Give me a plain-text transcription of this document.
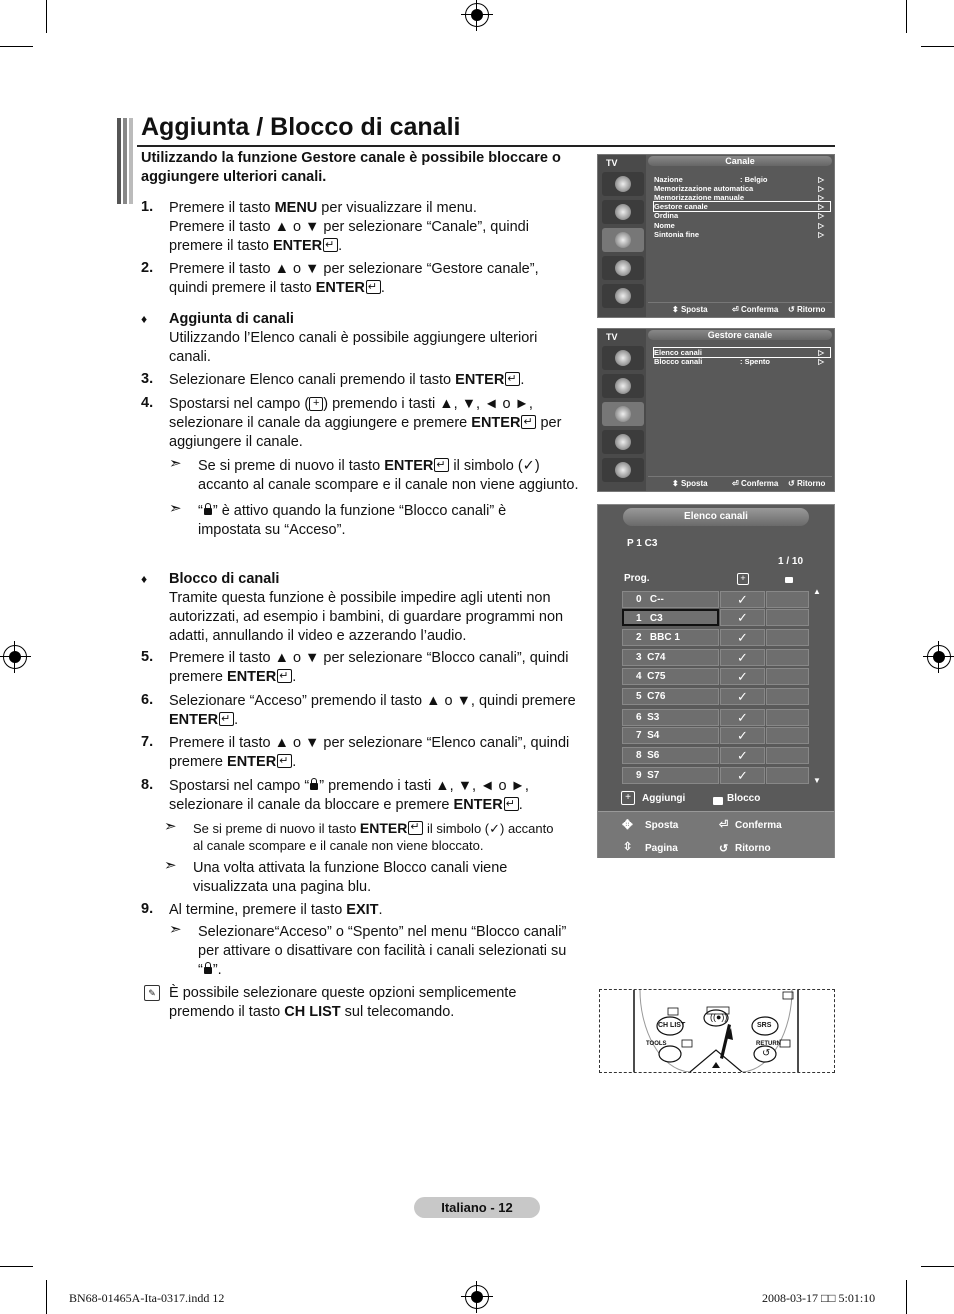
Aggiunta / Blocco di canali
Utilizzando la funzione Gestore canale è possibile bloccare o aggiungere ulteriori canali.
1. Premere il tasto MENU per visualizzare il menu.
Premere il tasto ▲ o ▼ per selezionare “Canale”, quindi
premere il tasto ENTER ↵ .
2. Premere il tasto ▲ o ▼ per selezionare “Gestore canale”,
quindi premere il tasto ENTER ↵ .
♦ Aggiunta di canali
Utilizzando l’Elenco canali è possibile aggiungere ulteriori canali.
3. Selezionare Elenco canali premendo il tasto ENTER ↵ .
4. Spostarsi nel campo ( + ) premendo i tasti ▲, ▼, ◄ o ►,
selezionare il canale da aggiungere e premere ENTER↵ per
aggiungere il canale.
➣ Se si preme di nuovo il tasto ENTER↵ il simbolo (✓)
accanto al canale scompare e il canale non viene aggiunto.
➣ “ ” è attivo quando la funzione “Blocco canali” è
impostata su “Acceso”.
♦ Blocco di canali
Tramite questa funzione è possibile impedire agli utenti non
autorizzati, ad esempio i bambini, di guardare programmi non
adatti, annullando il video e azzerando l’audio.
5. Premere il tasto ▲ o ▼ per selezionare “Blocco canali”, quindi
premere ENTER ↵ .
6. Selezionare “Acceso” premendo il tasto ▲ o ▼, quindi premere
ENTER ↵ .
7. Premere il tasto ▲ o ▼ per selezionare “Elenco canali”, quindi
premere ENTER ↵ .
8. Spostarsi nel campo “ ” premendo i tasti ▲, ▼, ◄ o ►,
selezionare il canale da bloccare e premere ENTER ↵ .
➣ Se si preme di nuovo il tasto ENTER↵ il simbolo (✓) accanto
al canale scompare e il canale non viene bloccato.
➣ Una volta attivata la funzione Blocco canali viene
visualizzata una pagina blu.
9. Al termine, premere il tasto EXIT.
➣ Selezionare“Acceso” o “Spento” nel menu “Blocco canali”
per attivare o disattivare con facilità i canali selezionati su
“ ”.
✎ È possibile selezionare queste opzioni semplicemente
premendo il tasto CH LIST sul telecomando.
TV	Canale
Nazione	: Belgio	▷
Memorizzazione automatica	▷
Memorizzazione manuale	▷
Gestore canale	▷
Ordina	▷
Nome	▷
Sintonia fine	▷
⬍ Sposta	⏎ Conferma ↺ Ritorno
TV	Gestore canale
Elenco canali	▷
Blocco canali	: Spento	▷
⬍ Sposta	⏎ Conferma ↺ Ritorno
Elenco canali
P 1 C3
1 / 10
Prog.	+
0 C--	✓
1 C3	✓
2 BBC 1	✓
3 C74	✓
4 C75	✓
5 C76	✓
6 S3	✓
7 S4	✓
8 S6	✓
9 S7	✓
▲
▼
+	Aggiungi	Blocco
✥ Sposta	⏎ Conferma
⇳ Pagina	↺ Ritorno
CH LIST	SRS
TOOLS	RETURN
((●))
↺
Italiano - 12
BN68-01465A-Ita-0317.indd 12	2008-03-17 □□ 5:01:10
